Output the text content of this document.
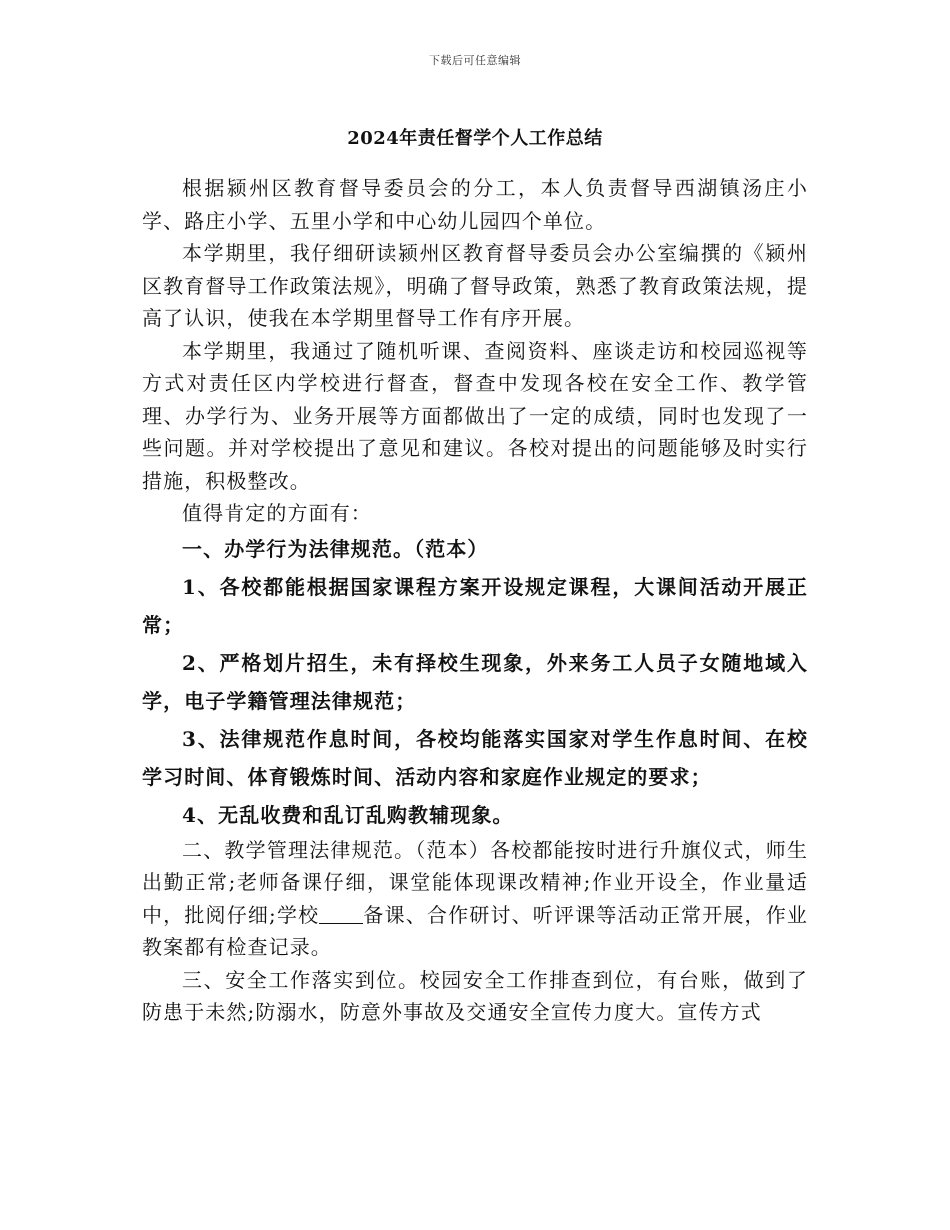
下载后可任意编辑
2024年责任督学个人工作总结

根据颍州区教育督导委员会的分工，本人负责督导西湖镇汤庄小学、路庄小学、五里小学和中心幼儿园四个单位。

本学期里，我仔细研读颍州区教育督导委员会办公室编撰的《颍州区教育督导工作政策法规》，明确了督导政策，熟悉了教育政策法规，提高了认识，使我在本学期里督导工作有序开展。

本学期里，我通过了随机听课、查阅资料、座谈走访和校园巡视等方式对责任区内学校进行督查，督查中发现各校在安全工作、教学管理、办学行为、业务开展等方面都做出了一定的成绩，同时也发现了一些问题。并对学校提出了意见和建议。各校对提出的问题能够及时实行措施，积极整改。

值得肯定的方面有：

一、办学行为法律规范。（范本）

1、各校都能根据国家课程方案开设规定课程，大课间活动开展正常；

2、严格划片招生，未有择校生现象，外来务工人员子女随地域入学，电子学籍管理法律规范；

3、法律规范作息时间，各校均能落实国家对学生作息时间、在校学习时间、体育锻炼时间、活动内容和家庭作业规定的要求；

4、无乱收费和乱订乱购教辅现象。

二、教学管理法律规范。（范本）各校都能按时进行升旗仪式，师生出勤正常;老师备课仔细，课堂能体现课改精神;作业开设全，作业量适中，批阅仔细;学校 备课、合作研讨、听评课等活动正常开展，作业教案都有检查记录。

三、安全工作落实到位。校园安全工作排查到位，有台账，做到了防患于未然;防溺水，防意外事故及交通安全宣传力度大。宣传方式
